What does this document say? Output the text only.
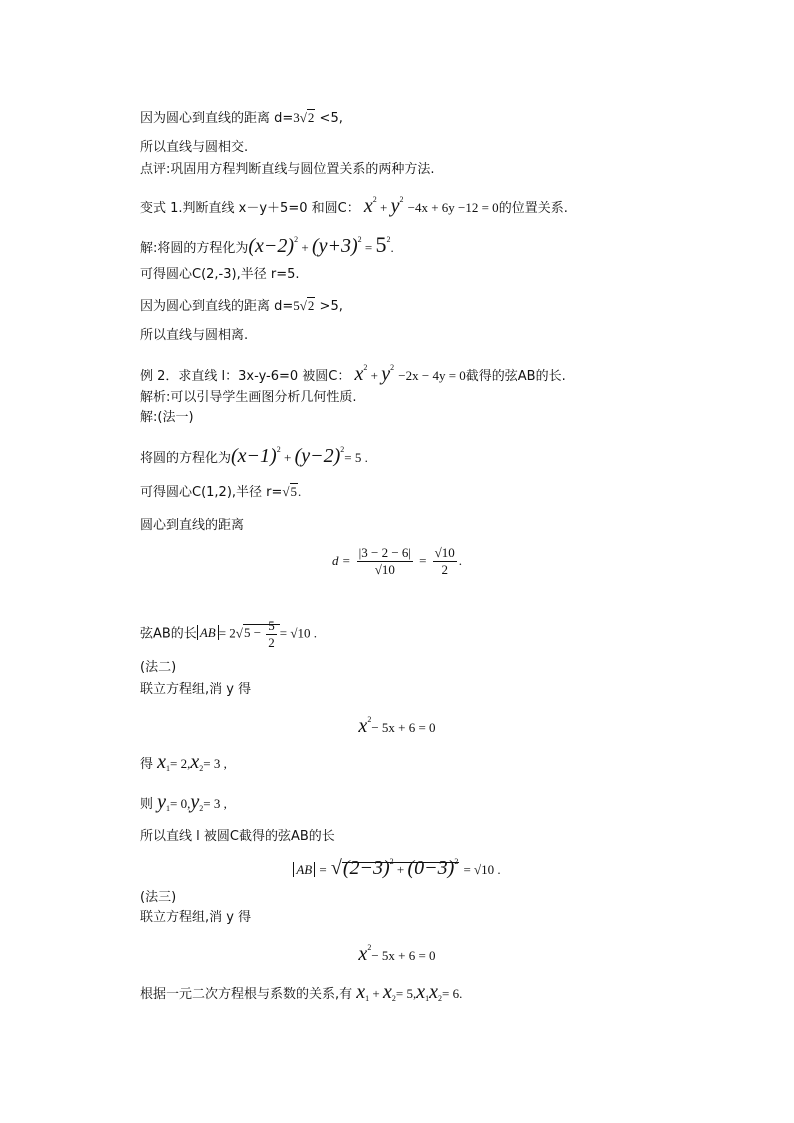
因为圆心到直线的距离 d=3√2 <5,
所以直线与圆相交.
点评:巩固用方程判断直线与圆位置关系的两种方法.
变式 1.判断直线 x－y＋5=0 和圆C： $x^2 + y^2 -4x + 6y -12 = 0$的位置关系.
解:将圆的方程化为$(x-2)^2 + (y+3)^2 = 5^2$.
可得圆心C(2,-3),半径 r=5.
因为圆心到直线的距离 d=5√2 >5,
所以直线与圆相离.
例 2．求直线 l：3x-y-6=0 被圆C： $x^2 + y^2 -2x - 4y = 0$截得的弦AB的长.
解析:可以引导学生画图分析几何性质.
解:(法一)
将圆的方程化为$(x-1)^2 + (y-2)^2= 5$ .
可得圆心C(1,2),半径 r=√5.
圆心到直线的距离
$d = \frac{|3 - 2 - 6|}{√10} = \frac{√10}{2}$ .
弦AB的长 AB = $2√5 - \frac{5}{2} = √10$ .
(法二)
联立方程组,消 y 得
$x^2- 5x + 6 = 0$
得 $x_1= 2,x_2= 3$ ,
则 $y_1= 0,y_2= 3$ ,
所以直线 l 被圆C截得的弦AB的长
AB = $√(2-3)^2 + (0-3)^2 = √10$ .
(法三)
联立方程组,消 y 得
$x^2- 5x + 6 = 0$
根据一元二次方程根与系数的关系,有 $x_1 + x_2= 5,x_1x_2= 6$.
